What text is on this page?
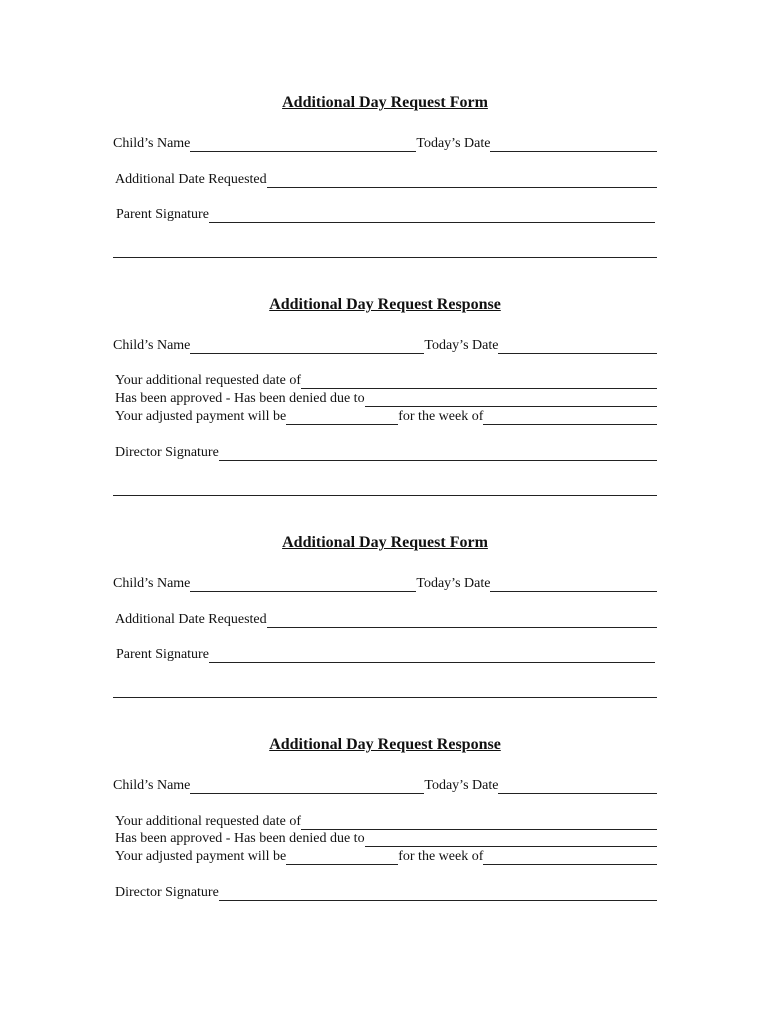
Additional Day Request Form
Child’s Name	Today’s Date
Additional Date Requested
Parent Signature
Additional Day Request Response
Child’s Name	Today’s Date
Your additional requested date of
Has been approved - Has been denied due to
Your adjusted payment will be	for the week of
Director Signature
Additional Day Request Form
Child’s Name	Today’s Date
Additional Date Requested
Parent Signature
Additional Day Request Response
Child’s Name	Today’s Date
Your additional requested date of
Has been approved - Has been denied due to
Your adjusted payment will be	for the week of
Director Signature
